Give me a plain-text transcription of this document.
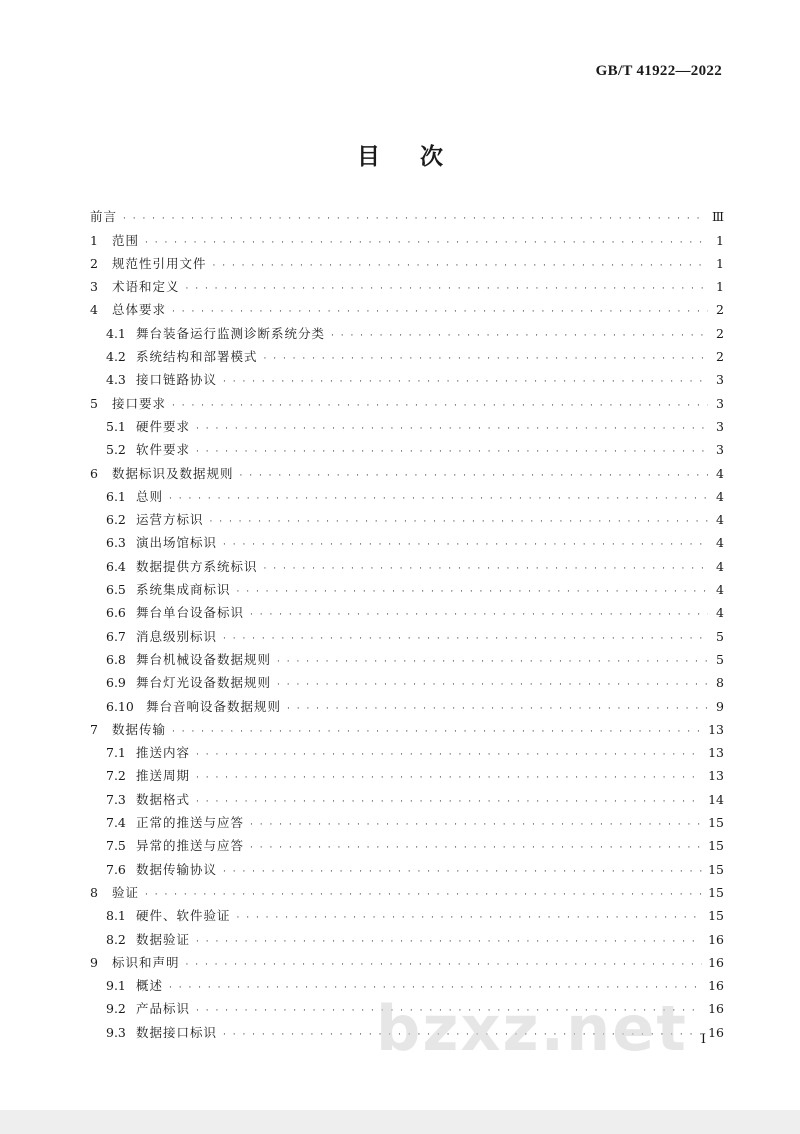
GB/T 41922—2022
目次
前言 · · ·	Ⅲ
1	范围 · · ·	1
2	规范性引用文件 · · ·	1
3	术语和定义 · · ·	1
4	总体要求 · · ·	2
4.1 舞台装备运行监测诊断系统分类 · · ·	2
4.2 系统结构和部署模式 · · ·	2
4.3 接口链路协议 · · ·	3
5	接口要求 · · ·	3
5.1 硬件要求 · · ·	3
5.2 软件要求 · · ·	3
6	数据标识及数据规则 · · ·	4
6.1 总则 · · ·	4
6.2 运营方标识 · · ·	4
6.3 演出场馆标识 · · ·	4
6.4 数据提供方系统标识 · · ·	4
6.5 系统集成商标识 · · ·	4
6.6 舞台单台设备标识 · · ·	4
6.7 消息级别标识 · · ·	5
6.8 舞台机械设备数据规则 · · ·	5
6.9 舞台灯光设备数据规则 · · ·	8
6.10 舞台音响设备数据规则 · · ·	9
7	数据传输 · · ·	13
7.1 推送内容 · · ·	13
7.2 推送周期 · · ·	13
7.3 数据格式 · · ·	14
7.4 正常的推送与应答 · · ·	15
7.5 异常的推送与应答 · · ·	15
7.6 数据传输协议 · · ·	15
8	验证 · · ·	15
8.1 硬件、软件验证 · · ·	15
8.2 数据验证 · · ·	16
9	标识和声明 · · ·	16
9.1 概述 · · ·	16
9.2 产品标识 · · ·	16
9.3 数据接口标识 · · ·	16
I
bzxz.net
